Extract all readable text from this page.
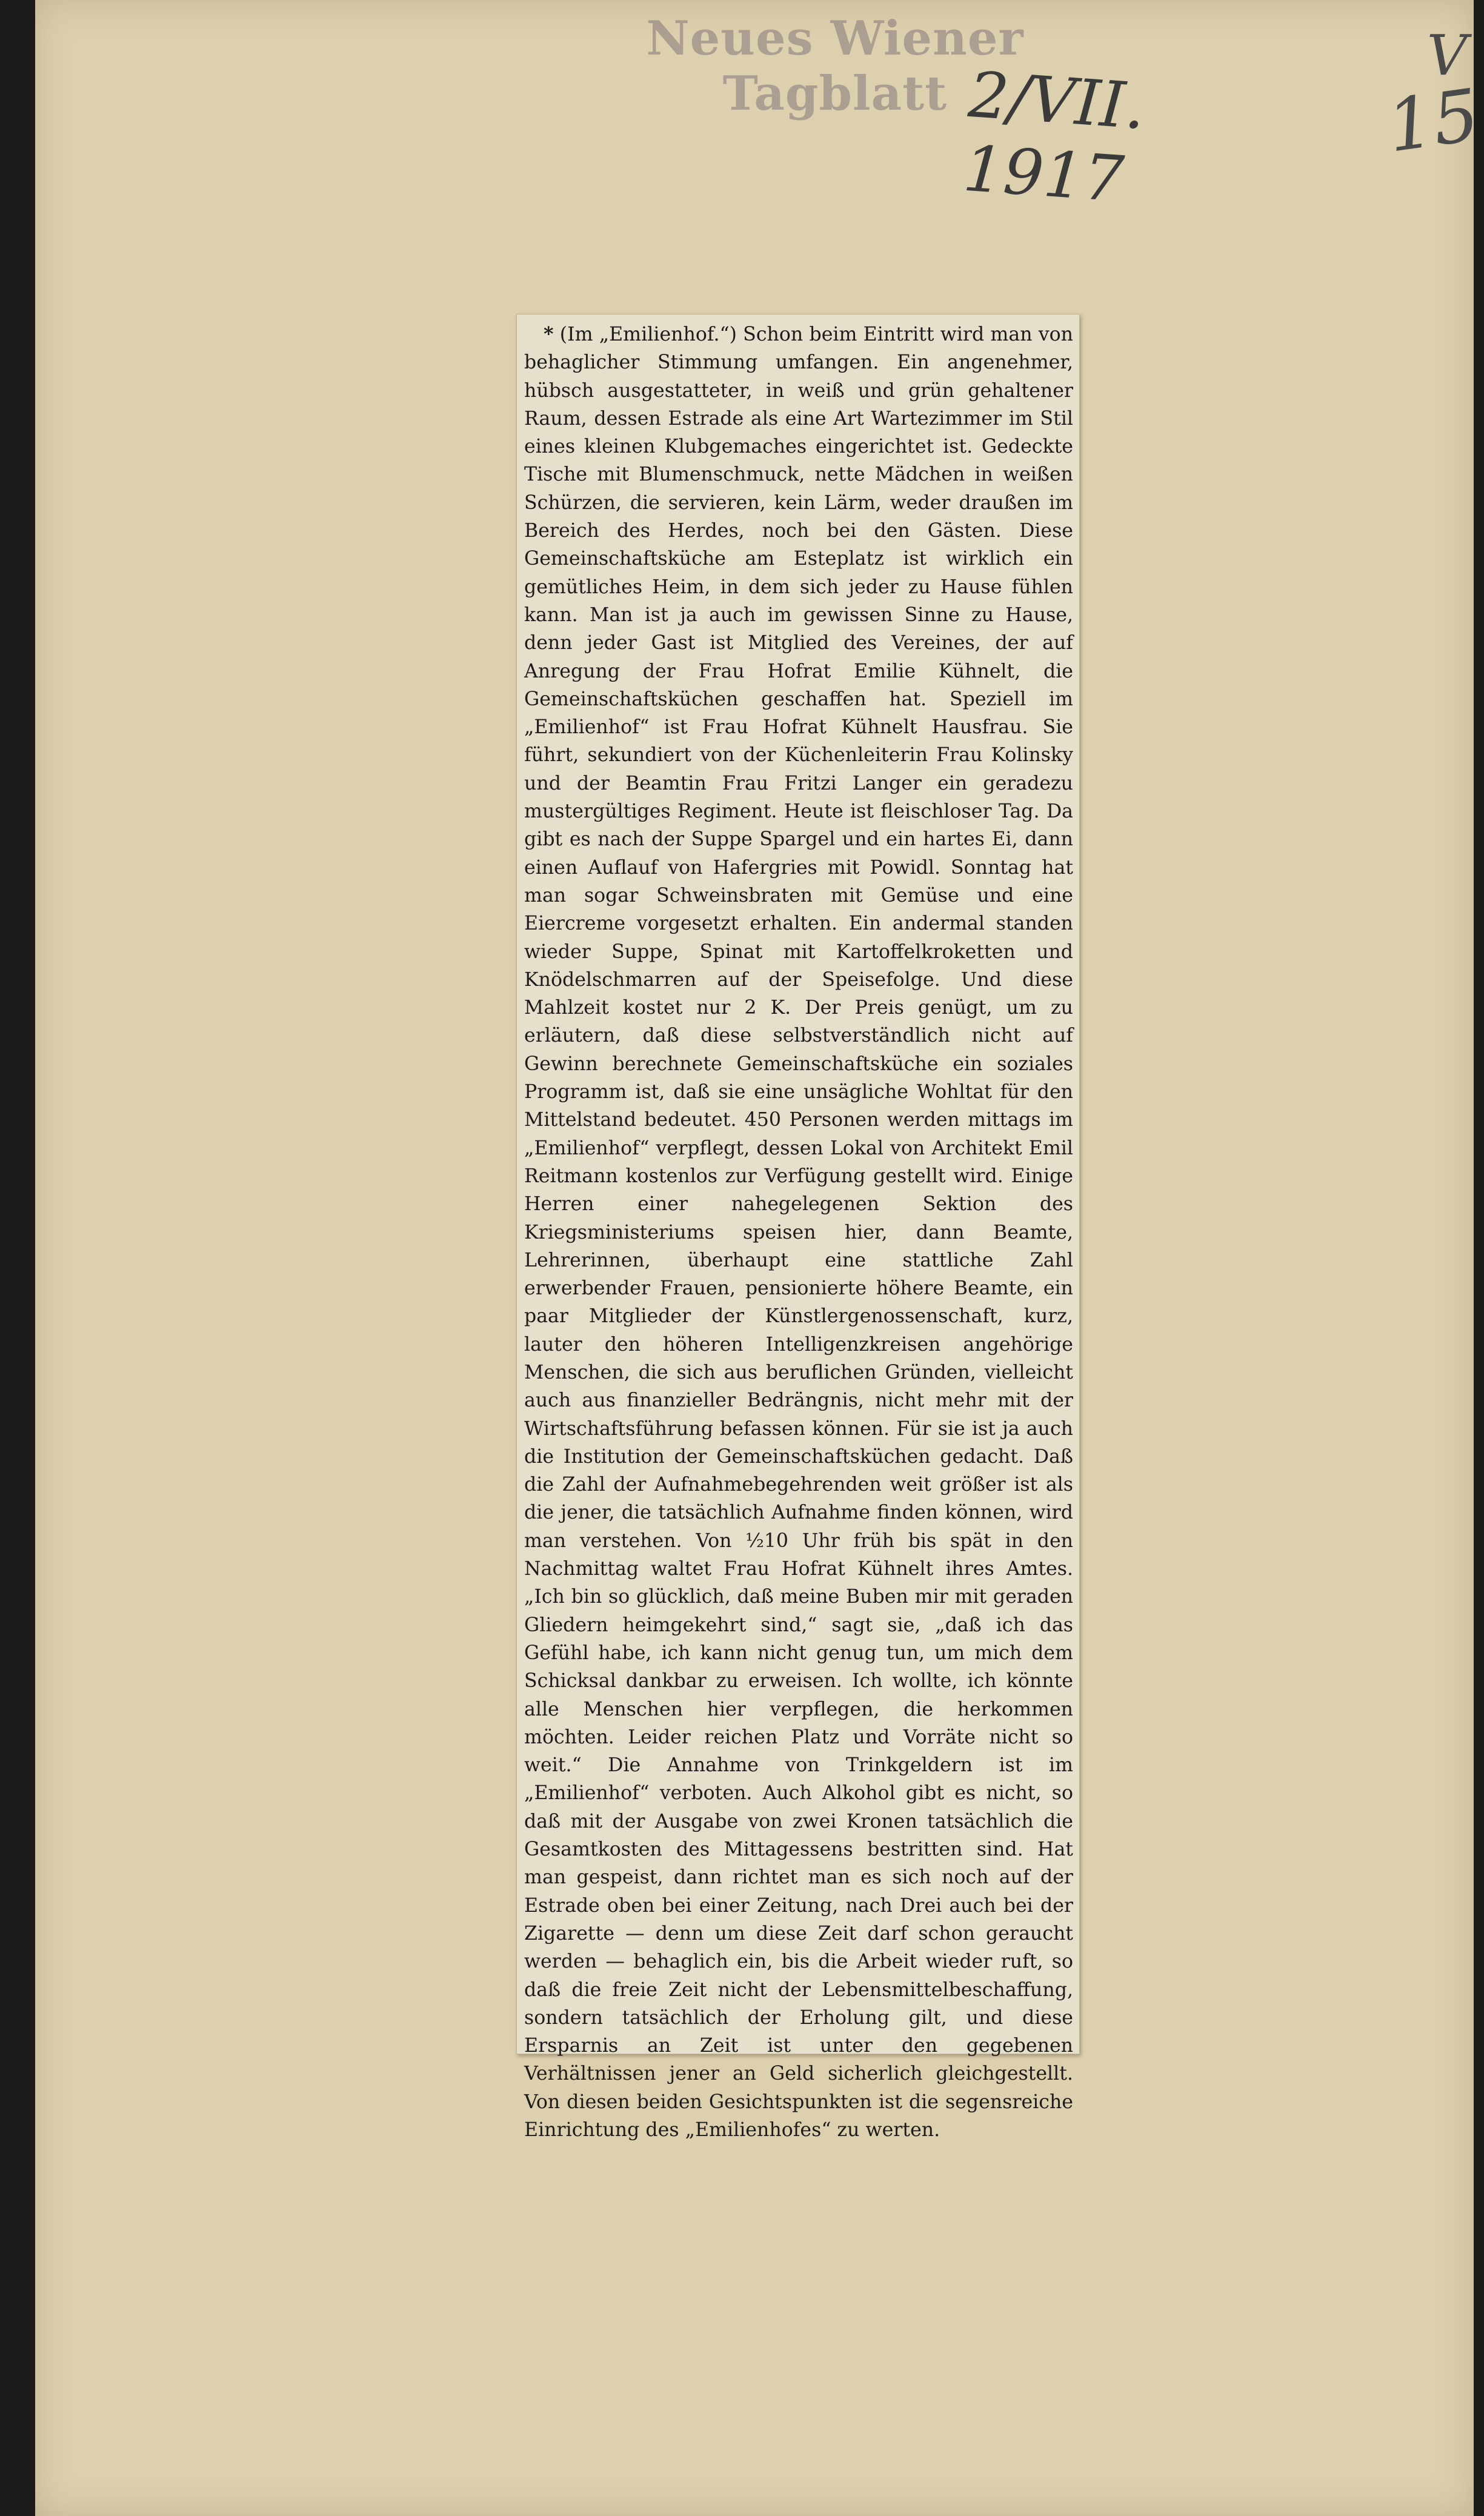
Neues Wiener Tagblatt 2/VII. 1917
V
15

* (Im „Emilienhof.“) Schon beim Eintritt wird man von behaglicher Stimmung umfangen. Ein angenehmer, hübsch ausgestatteter, in weiß und grün gehaltener Raum, dessen Estrade als eine Art Wartezimmer im Stil eines kleinen Klubgemaches eingerichtet ist. Gedeckte Tische mit Blumenschmuck, nette Mädchen in weißen Schürzen, die servieren, kein Lärm, weder draußen im Bereich des Herdes, noch bei den Gästen. Diese Gemeinschaftsküche am Esteplatz ist wirklich ein gemütliches Heim, in dem sich jeder zu Hause fühlen kann. Man ist ja auch im gewissen Sinne zu Hause, denn jeder Gast ist Mitglied des Vereines, der auf Anregung der Frau Hofrat Emilie Kühnelt, die Gemeinschaftsküchen geschaffen hat. Speziell im „Emilienhof“ ist Frau Hofrat Kühnelt Hausfrau. Sie führt, sekundiert von der Küchenleiterin Frau Kolinsky und der Beamtin Frau Fritzi Langer ein geradezu mustergültiges Regiment. Heute ist fleischloser Tag. Da gibt es nach der Suppe Spargel und ein hartes Ei, dann einen Auflauf von Hafergries mit Powidl. Sonntag hat man sogar Schweinsbraten mit Gemüse und eine Eiercreme vorgesetzt erhalten. Ein andermal standen wieder Suppe, Spinat mit Kartoffelkroketten und Knödelschmarren auf der Speisefolge. Und diese Mahlzeit kostet nur 2 K. Der Preis genügt, um zu erläutern, daß diese selbstverständlich nicht auf Gewinn berechnete Gemeinschaftsküche ein soziales Programm ist, daß sie eine unsägliche Wohltat für den Mittelstand bedeutet. 450 Personen werden mittags im „Emilienhof“ verpflegt, dessen Lokal von Architekt Emil Reitmann kostenlos zur Verfügung gestellt wird. Einige Herren einer nahegelegenen Sektion des Kriegsministeriums speisen hier, dann Beamte, Lehrerinnen, überhaupt eine stattliche Zahl erwerbender Frauen, pensionierte höhere Beamte, ein paar Mitglieder der Künstlergenossenschaft, kurz, lauter den höheren Intelligenzkreisen angehörige Menschen, die sich aus beruflichen Gründen, vielleicht auch aus finanzieller Bedrängnis, nicht mehr mit der Wirtschaftsführung befassen können. Für sie ist ja auch die Institution der Gemeinschaftsküchen gedacht. Daß die Zahl der Aufnahmebegehrenden weit größer ist als die jener, die tatsächlich Aufnahme finden können, wird man verstehen. Von ½10 Uhr früh bis spät in den Nachmittag waltet Frau Hofrat Kühnelt ihres Amtes. „Ich bin so glücklich, daß meine Buben mir mit geraden Gliedern heimgekehrt sind,“ sagt sie, „daß ich das Gefühl habe, ich kann nicht genug tun, um mich dem Schicksal dankbar zu erweisen. Ich wollte, ich könnte alle Menschen hier verpflegen, die herkommen möchten. Leider reichen Platz und Vorräte nicht so weit.“ Die Annahme von Trinkgeldern ist im „Emilienhof“ verboten. Auch Alkohol gibt es nicht, so daß mit der Ausgabe von zwei Kronen tatsächlich die Gesamtkosten des Mittagessens bestritten sind. Hat man gespeist, dann richtet man es sich noch auf der Estrade oben bei einer Zeitung, nach Drei auch bei der Zigarette — denn um diese Zeit darf schon geraucht werden — behaglich ein, bis die Arbeit wieder ruft, so daß die freie Zeit nicht der Lebensmittelbeschaffung, sondern tatsächlich der Erholung gilt, und diese Ersparnis an Zeit ist unter den gegebenen Verhältnissen jener an Geld sicherlich gleichgestellt. Von diesen beiden Gesichtspunkten ist die segensreiche Einrichtung des „Emilienhofes“ zu werten.
